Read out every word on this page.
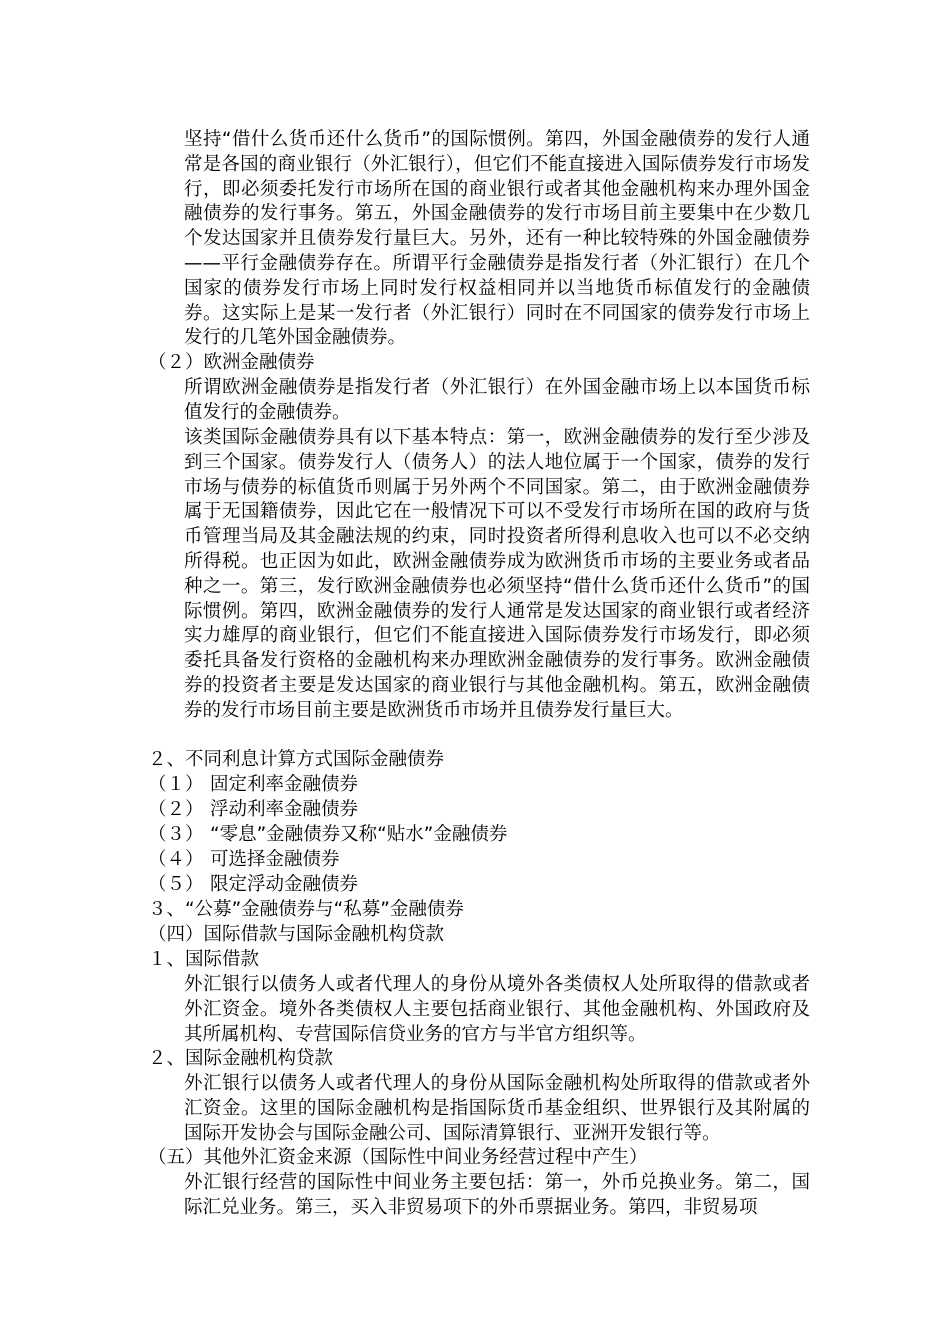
坚持“借什么货币还什么货币”的国际惯例。第四，外国金融债券的发行人通常是各国的商业银行（外汇银行），但它们不能直接进入国际债券发行市场发行，即必须委托发行市场所在国的商业银行或者其他金融机构来办理外国金融债券的发行事务。第五，外国金融债券的发行市场目前主要集中在少数几个发达国家并且债券发行量巨大。另外，还有一种比较特殊的外国金融债券——平行金融债券存在。所谓平行金融债券是指发行者（外汇银行）在几个国家的债券发行市场上同时发行权益相同并以当地货币标值发行的金融债券。这实际上是某一发行者（外汇银行）同时在不同国家的债券发行市场上发行的几笔外国金融债券。
（２）欧洲金融债券
所谓欧洲金融债券是指发行者（外汇银行）在外国金融市场上以本国货币标值发行的金融债券。
该类国际金融债券具有以下基本特点：第一，欧洲金融债券的发行至少涉及到三个国家。债券发行人（债务人）的法人地位属于一个国家，债券的发行市场与债券的标值货币则属于另外两个不同国家。第二，由于欧洲金融债券属于无国籍债券，因此它在一般情况下可以不受发行市场所在国的政府与货币管理当局及其金融法规的约束，同时投资者所得利息收入也可以不必交纳所得税。也正因为如此，欧洲金融债券成为欧洲货币市场的主要业务或者品种之一。第三，发行欧洲金融债券也必须坚持“借什么货币还什么货币”的国际惯例。第四，欧洲金融债券的发行人通常是发达国家的商业银行或者经济实力雄厚的商业银行，但它们不能直接进入国际债券发行市场发行，即必须委托具备发行资格的金融机构来办理欧洲金融债券的发行事务。欧洲金融债券的投资者主要是发达国家的商业银行与其他金融机构。第五，欧洲金融债券的发行市场目前主要是欧洲货币市场并且债券发行量巨大。
２、不同利息计算方式国际金融债券
（１） 固定利率金融债券
（２） 浮动利率金融债券
（３） “零息”金融债券又称“贴水”金融债券
（４） 可选择金融债券
（５） 限定浮动金融债券
３、“公募”金融债券与“私募”金融债券
（四）国际借款与国际金融机构贷款
１、国际借款
外汇银行以债务人或者代理人的身份从境外各类债权人处所取得的借款或者外汇资金。境外各类债权人主要包括商业银行、其他金融机构、外国政府及其所属机构、专营国际信贷业务的官方与半官方组织等。
２、国际金融机构贷款
外汇银行以债务人或者代理人的身份从国际金融机构处所取得的借款或者外汇资金。这里的国际金融机构是指国际货币基金组织、世界银行及其附属的国际开发协会与国际金融公司、国际清算银行、亚洲开发银行等。
（五）其他外汇资金来源（国际性中间业务经营过程中产生）
外汇银行经营的国际性中间业务主要包括：第一，外币兑换业务。第二，国际汇兑业务。第三，买入非贸易项下的外币票据业务。第四，非贸易项
